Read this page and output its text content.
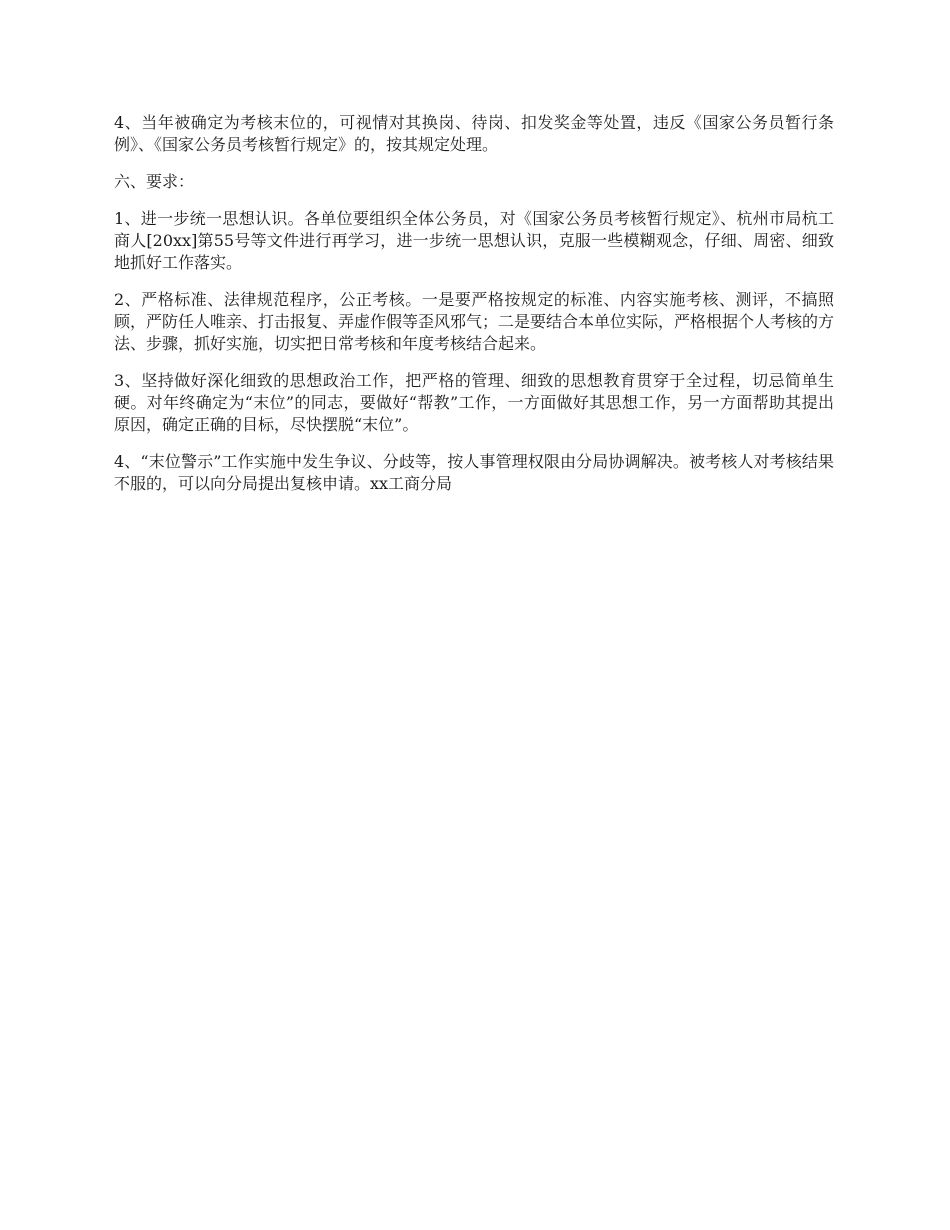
4、当年被确定为考核末位的，可视情对其换岗、待岗、扣发奖金等处置，违反《国家公务员暂行条例》、《国家公务员考核暂行规定》的，按其规定处理。

六、要求：

1、进一步统一思想认识。各单位要组织全体公务员，对《国家公务员考核暂行规定》、杭州市局杭工商人[20xx]第55号等文件进行再学习，进一步统一思想认识，克服一些模糊观念，仔细、周密、细致地抓好工作落实。

2、严格标准、法律规范程序，公正考核。一是要严格按规定的标准、内容实施考核、测评，不搞照顾，严防任人唯亲、打击报复、弄虚作假等歪风邪气；二是要结合本单位实际，严格根据个人考核的方法、步骤，抓好实施，切实把日常考核和年度考核结合起来。

3、坚持做好深化细致的思想政治工作，把严格的管理、细致的思想教育贯穿于全过程，切忌简单生硬。对年终确定为“末位”的同志，要做好“帮教”工作，一方面做好其思想工作，另一方面帮助其提出原因，确定正确的目标，尽快摆脱“末位”。

4、“末位警示”工作实施中发生争议、分歧等，按人事管理权限由分局协调解决。被考核人对考核结果不服的，可以向分局提出复核申请。xx工商分局
